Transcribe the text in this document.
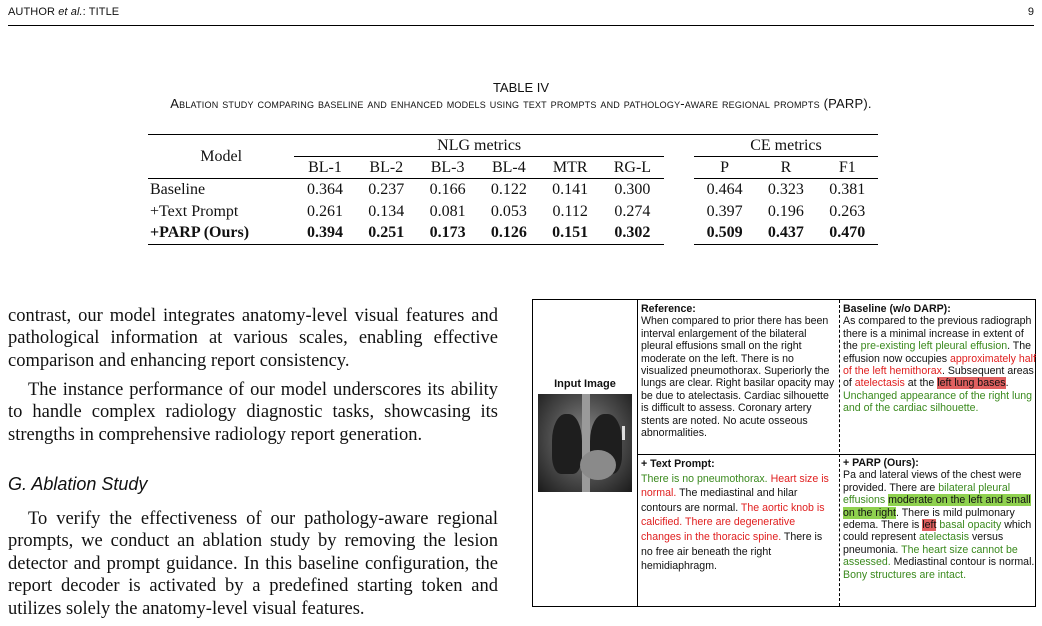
AUTHOR et al.: TITLE	9
TABLE IV
Ablation study comparing baseline and enhanced models using text prompts and pathology-aware regional prompts (PARP).
Model	NLG metrics							CE metrics		
	BL-1	BL-2	BL-3	BL-4	MTR	RG-L		P	R	F1
Baseline	0.364	0.237	0.166	0.122	0.141	0.300		0.464	0.323	0.381
+Text Prompt	0.261	0.134	0.081	0.053	0.112	0.274		0.397	0.196	0.263
+PARP (Ours)	0.394	0.251	0.173	0.126	0.151	0.302		0.509	0.437	0.470

contrast, our model integrates anatomy-level visual features and pathological information at various scales, enabling effective comparison and enhancing report consistency.

The instance performance of our model underscores its ability to handle complex radiology diagnostic tasks, showcasing its strengths in comprehensive radiology report generation.

G. Ablation Study

To verify the effectiveness of our pathology-aware regional prompts, we conduct an ablation study by removing the lesion detector and prompt guidance. In this baseline configuration, the report decoder is activated by a predefined starting token and utilizes solely the anatomy-level visual features.

Input Image
Reference:
When compared to prior there has been interval enlargement of the bilateral pleural effusions small on the right moderate on the left. There is no visualized pneumothorax. Superiorly the lungs are clear. Right basilar opacity may be due to atelectasis. Cardiac silhouette is difficult to assess. Coronary artery stents are noted. No acute osseous abnormalities.
Baseline (w/o DARP):
As compared to the previous radiograph there is a minimal increase in extent of the pre-existing left pleural effusion. The effusion now occupies approximately half of the left hemithorax. Subsequent areas of atelectasis at the left lung bases. Unchanged appearance of the right lung and of the cardiac silhouette.
+ Text Prompt:
There is no pneumothorax. Heart size is normal. The mediastinal and hilar contours are normal. The aortic knob is calcified. There are degenerative changes in the thoracic spine. There is no free air beneath the right hemidiaphragm.
+ PARP (Ours):
Pa and lateral views of the chest were provided. There are bilateral pleural effusions moderate on the left and small on the right. There is mild pulmonary edema. There is left basal opacity which could represent atelectasis versus pneumonia. The heart size cannot be assessed. Mediastinal contour is normal. Bony structures are intact.
